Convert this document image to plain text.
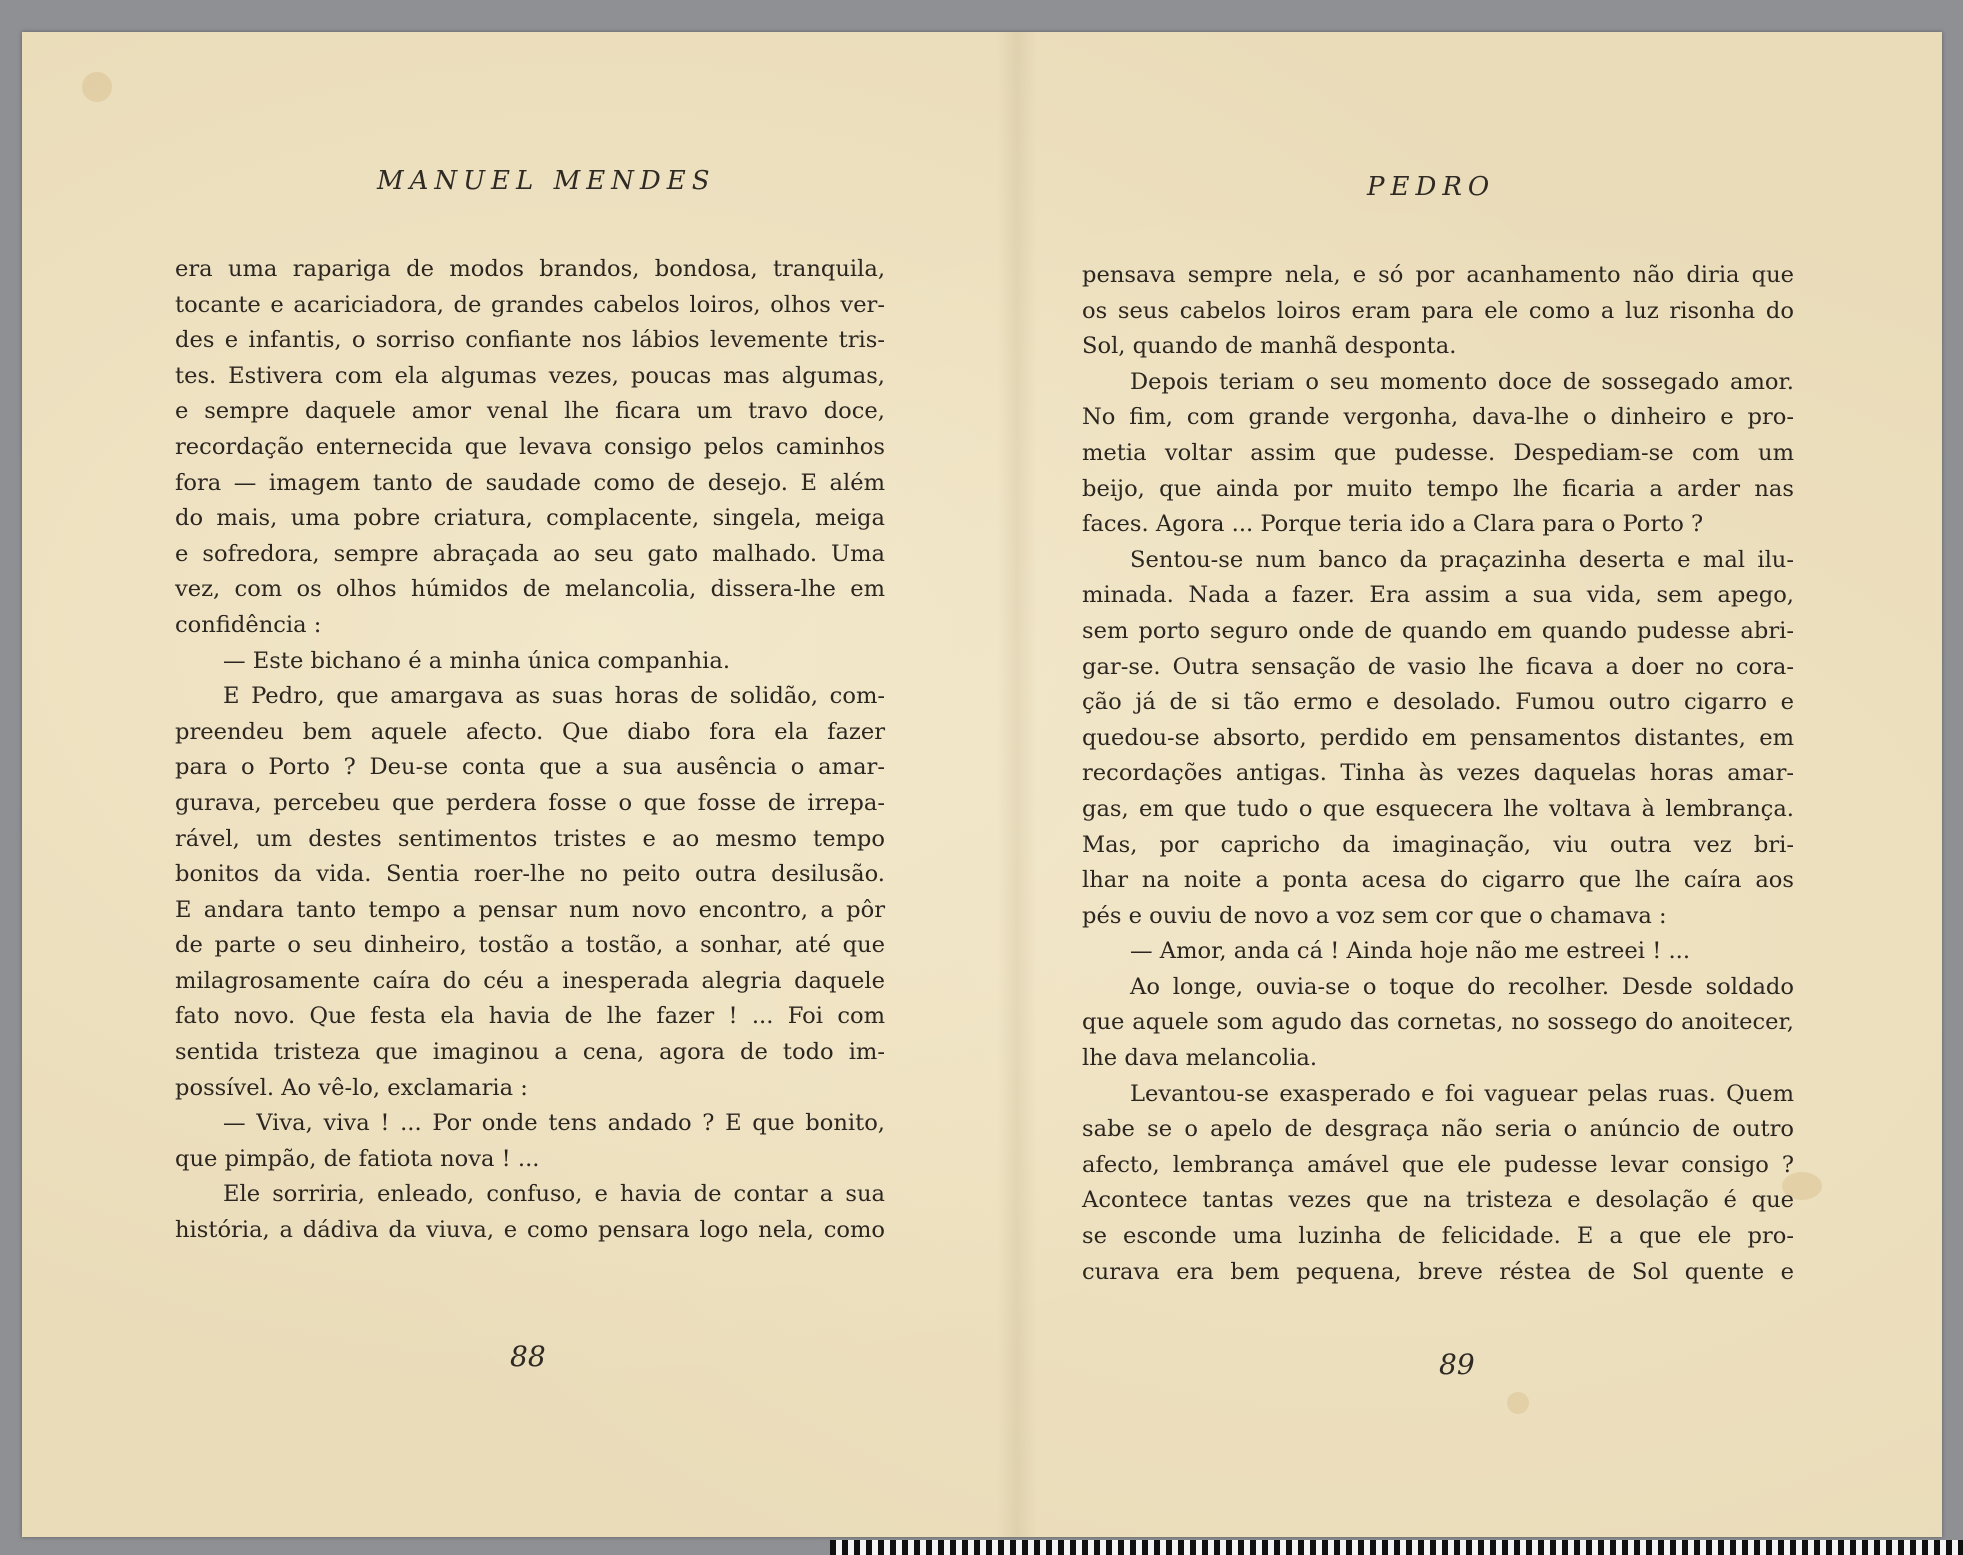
MANUEL MENDES

era uma rapariga de modos brandos, bondosa, tranquila,

tocante e acariciadora, de grandes cabelos loiros, olhos ver-

des e infantis, o sorriso confiante nos lábios levemente tris-

tes. Estivera com ela algumas vezes, poucas mas algumas,

e sempre daquele amor venal lhe ficara um travo doce,

recordação enternecida que levava consigo pelos caminhos

fora — imagem tanto de saudade como de desejo. E além

do mais, uma pobre criatura, complacente, singela, meiga

e sofredora, sempre abraçada ao seu gato malhado. Uma

vez, com os olhos húmidos de melancolia, dissera-lhe em

confidência :

— Este bichano é a minha única companhia.

E Pedro, que amargava as suas horas de solidão, com-

preendeu bem aquele afecto. Que diabo fora ela fazer

para o Porto ? Deu-se conta que a sua ausência o amar-

gurava, percebeu que perdera fosse o que fosse de irrepa-

rável, um destes sentimentos tristes e ao mesmo tempo

bonitos da vida. Sentia roer-lhe no peito outra desilusão.

E andara tanto tempo a pensar num novo encontro, a pôr

de parte o seu dinheiro, tostão a tostão, a sonhar, até que

milagrosamente caíra do céu a inesperada alegria daquele

fato novo. Que festa ela havia de lhe fazer ! ... Foi com

sentida tristeza que imaginou a cena, agora de todo im-

possível. Ao vê-lo, exclamaria :

— Viva, viva ! ... Por onde tens andado ? E que bonito,

que pimpão, de fatiota nova ! ...

Ele sorriria, enleado, confuso, e havia de contar a sua

história, a dádiva da viuva, e como pensara logo nela, como

88
PEDRO

pensava sempre nela, e só por acanhamento não diria que

os seus cabelos loiros eram para ele como a luz risonha do

Sol, quando de manhã desponta.

Depois teriam o seu momento doce de sossegado amor.

No fim, com grande vergonha, dava-lhe o dinheiro e pro-

metia voltar assim que pudesse. Despediam-se com um

beijo, que ainda por muito tempo lhe ficaria a arder nas

faces. Agora ... Porque teria ido a Clara para o Porto ?

Sentou-se num banco da praçazinha deserta e mal ilu-

minada. Nada a fazer. Era assim a sua vida, sem apego,

sem porto seguro onde de quando em quando pudesse abri-

gar-se. Outra sensação de vasio lhe ficava a doer no cora-

ção já de si tão ermo e desolado. Fumou outro cigarro e

quedou-se absorto, perdido em pensamentos distantes, em

recordações antigas. Tinha às vezes daquelas horas amar-

gas, em que tudo o que esquecera lhe voltava à lembrança.

Mas, por capricho da imaginação, viu outra vez bri-

lhar na noite a ponta acesa do cigarro que lhe caíra aos

pés e ouviu de novo a voz sem cor que o chamava :

— Amor, anda cá ! Ainda hoje não me estreei ! ...

Ao longe, ouvia-se o toque do recolher. Desde soldado

que aquele som agudo das cornetas, no sossego do anoitecer,

lhe dava melancolia.

Levantou-se exasperado e foi vaguear pelas ruas. Quem

sabe se o apelo de desgraça não seria o anúncio de outro

afecto, lembrança amável que ele pudesse levar consigo ?

Acontece tantas vezes que na tristeza e desolação é que

se esconde uma luzinha de felicidade. E a que ele pro-

curava era bem pequena, breve réstea de Sol quente e

89
